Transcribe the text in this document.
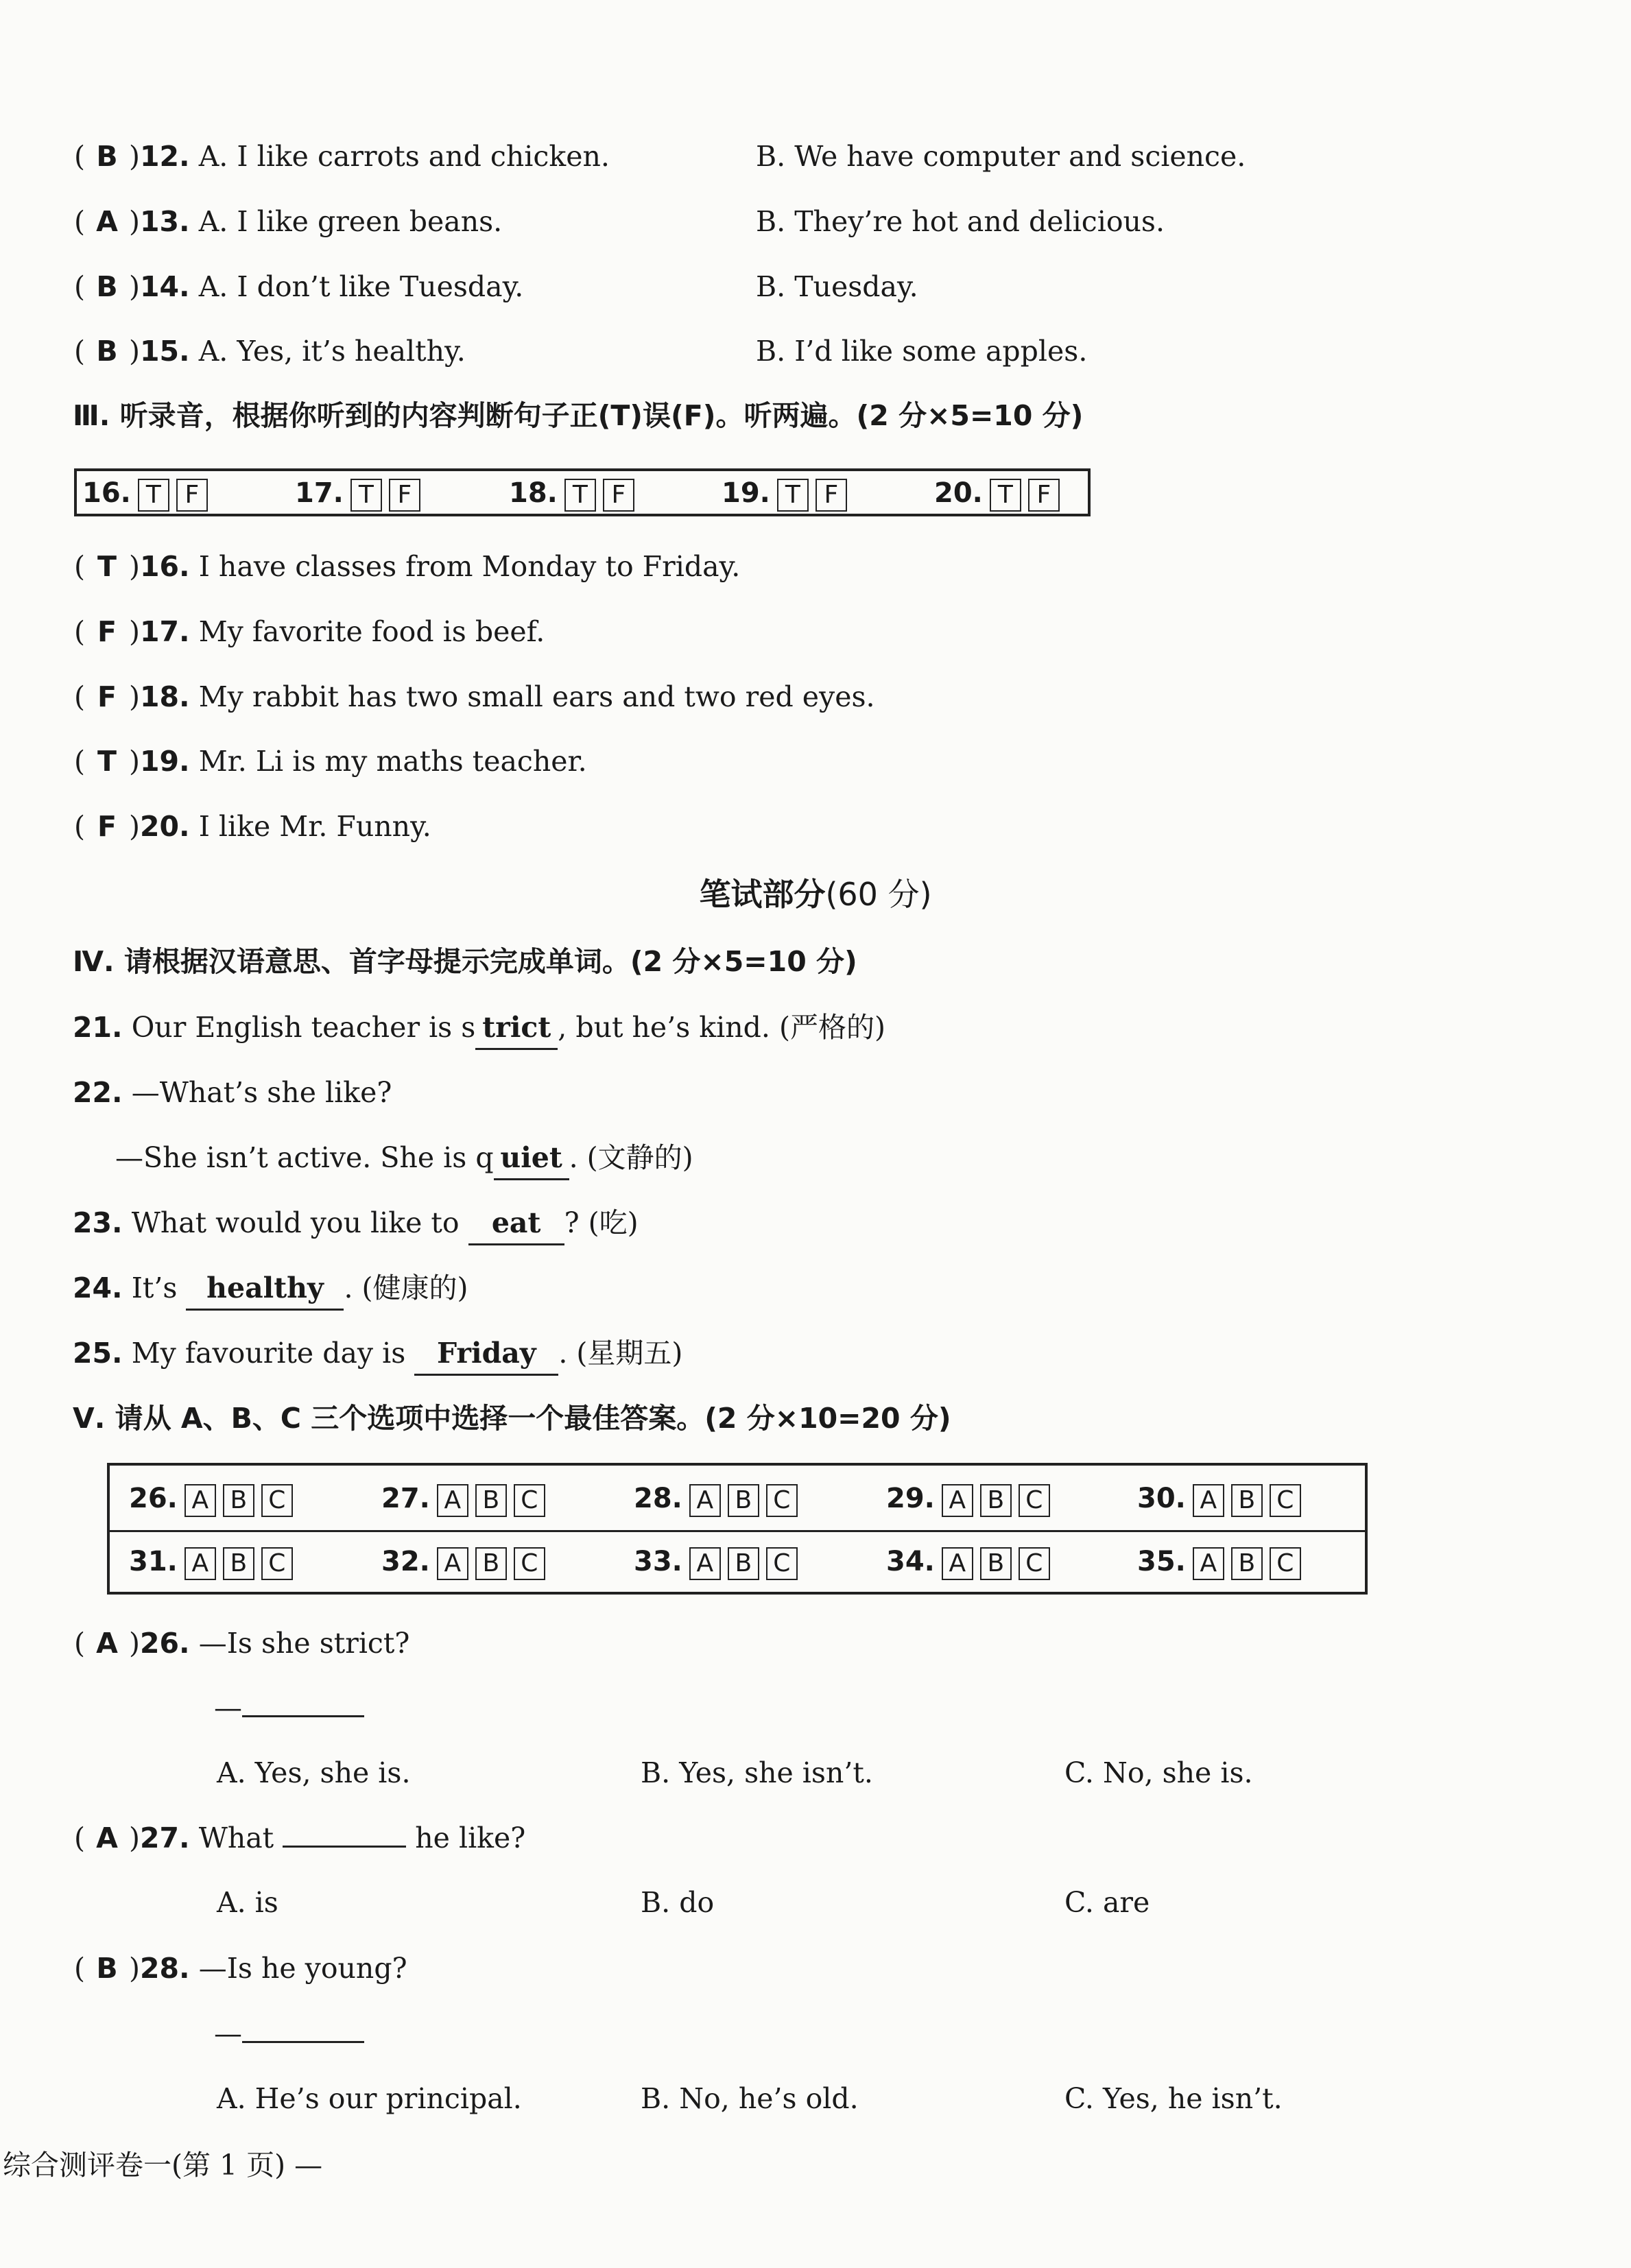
( B )12. A. I like carrots and chicken.	B. We have computer and science.
( A )13. A. I like green beans.	B. They’re hot and delicious.
( B )14. A. I don’t like Tuesday.	B. Tuesday.
( B )15. A. Yes, it’s healthy.	B. I’d like some apples.
Ⅲ. 听录音，根据你听到的内容判断句子正(T)误(F)。听两遍。(2 分×5=10 分)
16. T F	17. T F	18. T F	19. T F	20. T F
( T )16. I have classes from Monday to Friday.
( F )17. My favorite food is beef.
( F )18. My rabbit has two small ears and two red eyes.
( T )19. Mr. Li is my maths teacher.
( F )20. I like Mr. Funny.
笔试部分(60 分)
Ⅳ. 请根据汉语意思、首字母提示完成单词。(2 分×5=10 分)
21. Our English teacher is s trict , but he’s kind. (严格的)
22. —What’s she like?
—She isn’t active. She is q uiet . (文静的)
23. What would you like to eat ? (吃)
24. It’s healthy . (健康的)
25. My favourite day is Friday . (星期五)
Ⅴ. 请从 A、B、C 三个选项中选择一个最佳答案。(2 分×10=20 分)
26. A B C	27. A B C	28. A B C	29. A B C	30. A B C
31. A B C	32. A B C	33. A B C	34. A B C	35. A B C
( A )26. —Is she strict?
—
A. Yes, she is.	B. Yes, she isn’t.	C. No, she is.
( A )27. What	he like?
A. is	B. do	C. are
( B )28. —Is he young?
—
A. He’s our principal.	B. No, he’s old.	C. Yes, he isn’t.
综合测评卷一(第 1 页) —
